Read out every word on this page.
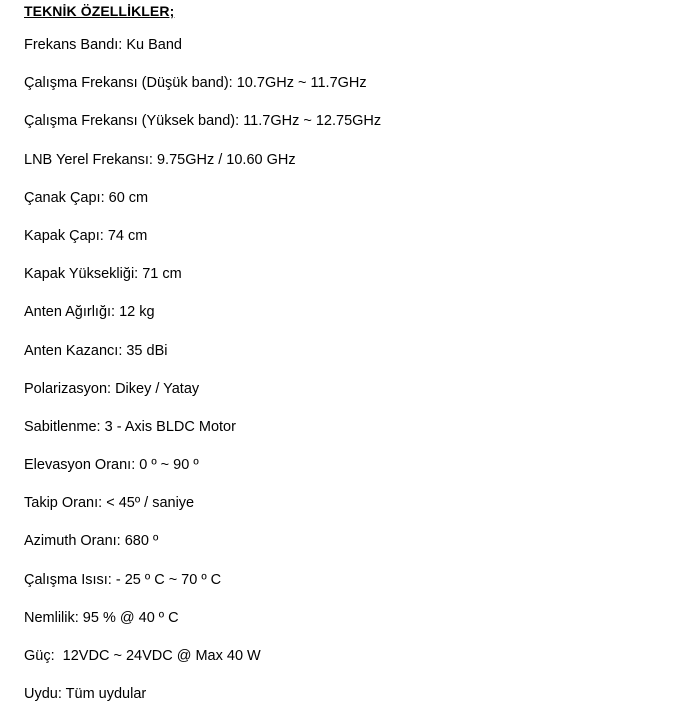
TEKNİK ÖZELLİKLER;
Frekans Bandı: Ku Band
Çalışma Frekansı (Düşük band): 10.7GHz ~ 11.7GHz
Çalışma Frekansı (Yüksek band): 11.7GHz ~ 12.75GHz
LNB Yerel Frekansı: 9.75GHz / 10.60 GHz
Çanak Çapı: 60 cm
Kapak Çapı: 74 cm
Kapak Yüksekliği: 71 cm
Anten Ağırlığı: 12 kg
Anten Kazancı: 35 dBi
Polarizasyon: Dikey / Yatay
Sabitlenme: 3 - Axis BLDC Motor
Elevasyon Oranı: 0 º ~ 90 º
Takip Oranı: < 45º / saniye
Azimuth Oranı: 680 º
Çalışma Isısı: - 25 º C ~ 70 º C
Nemlilik: 95 % @ 40 º C
Güç:  12VDC ~ 24VDC @ Max 40 W
Uydu: Tüm uydular
